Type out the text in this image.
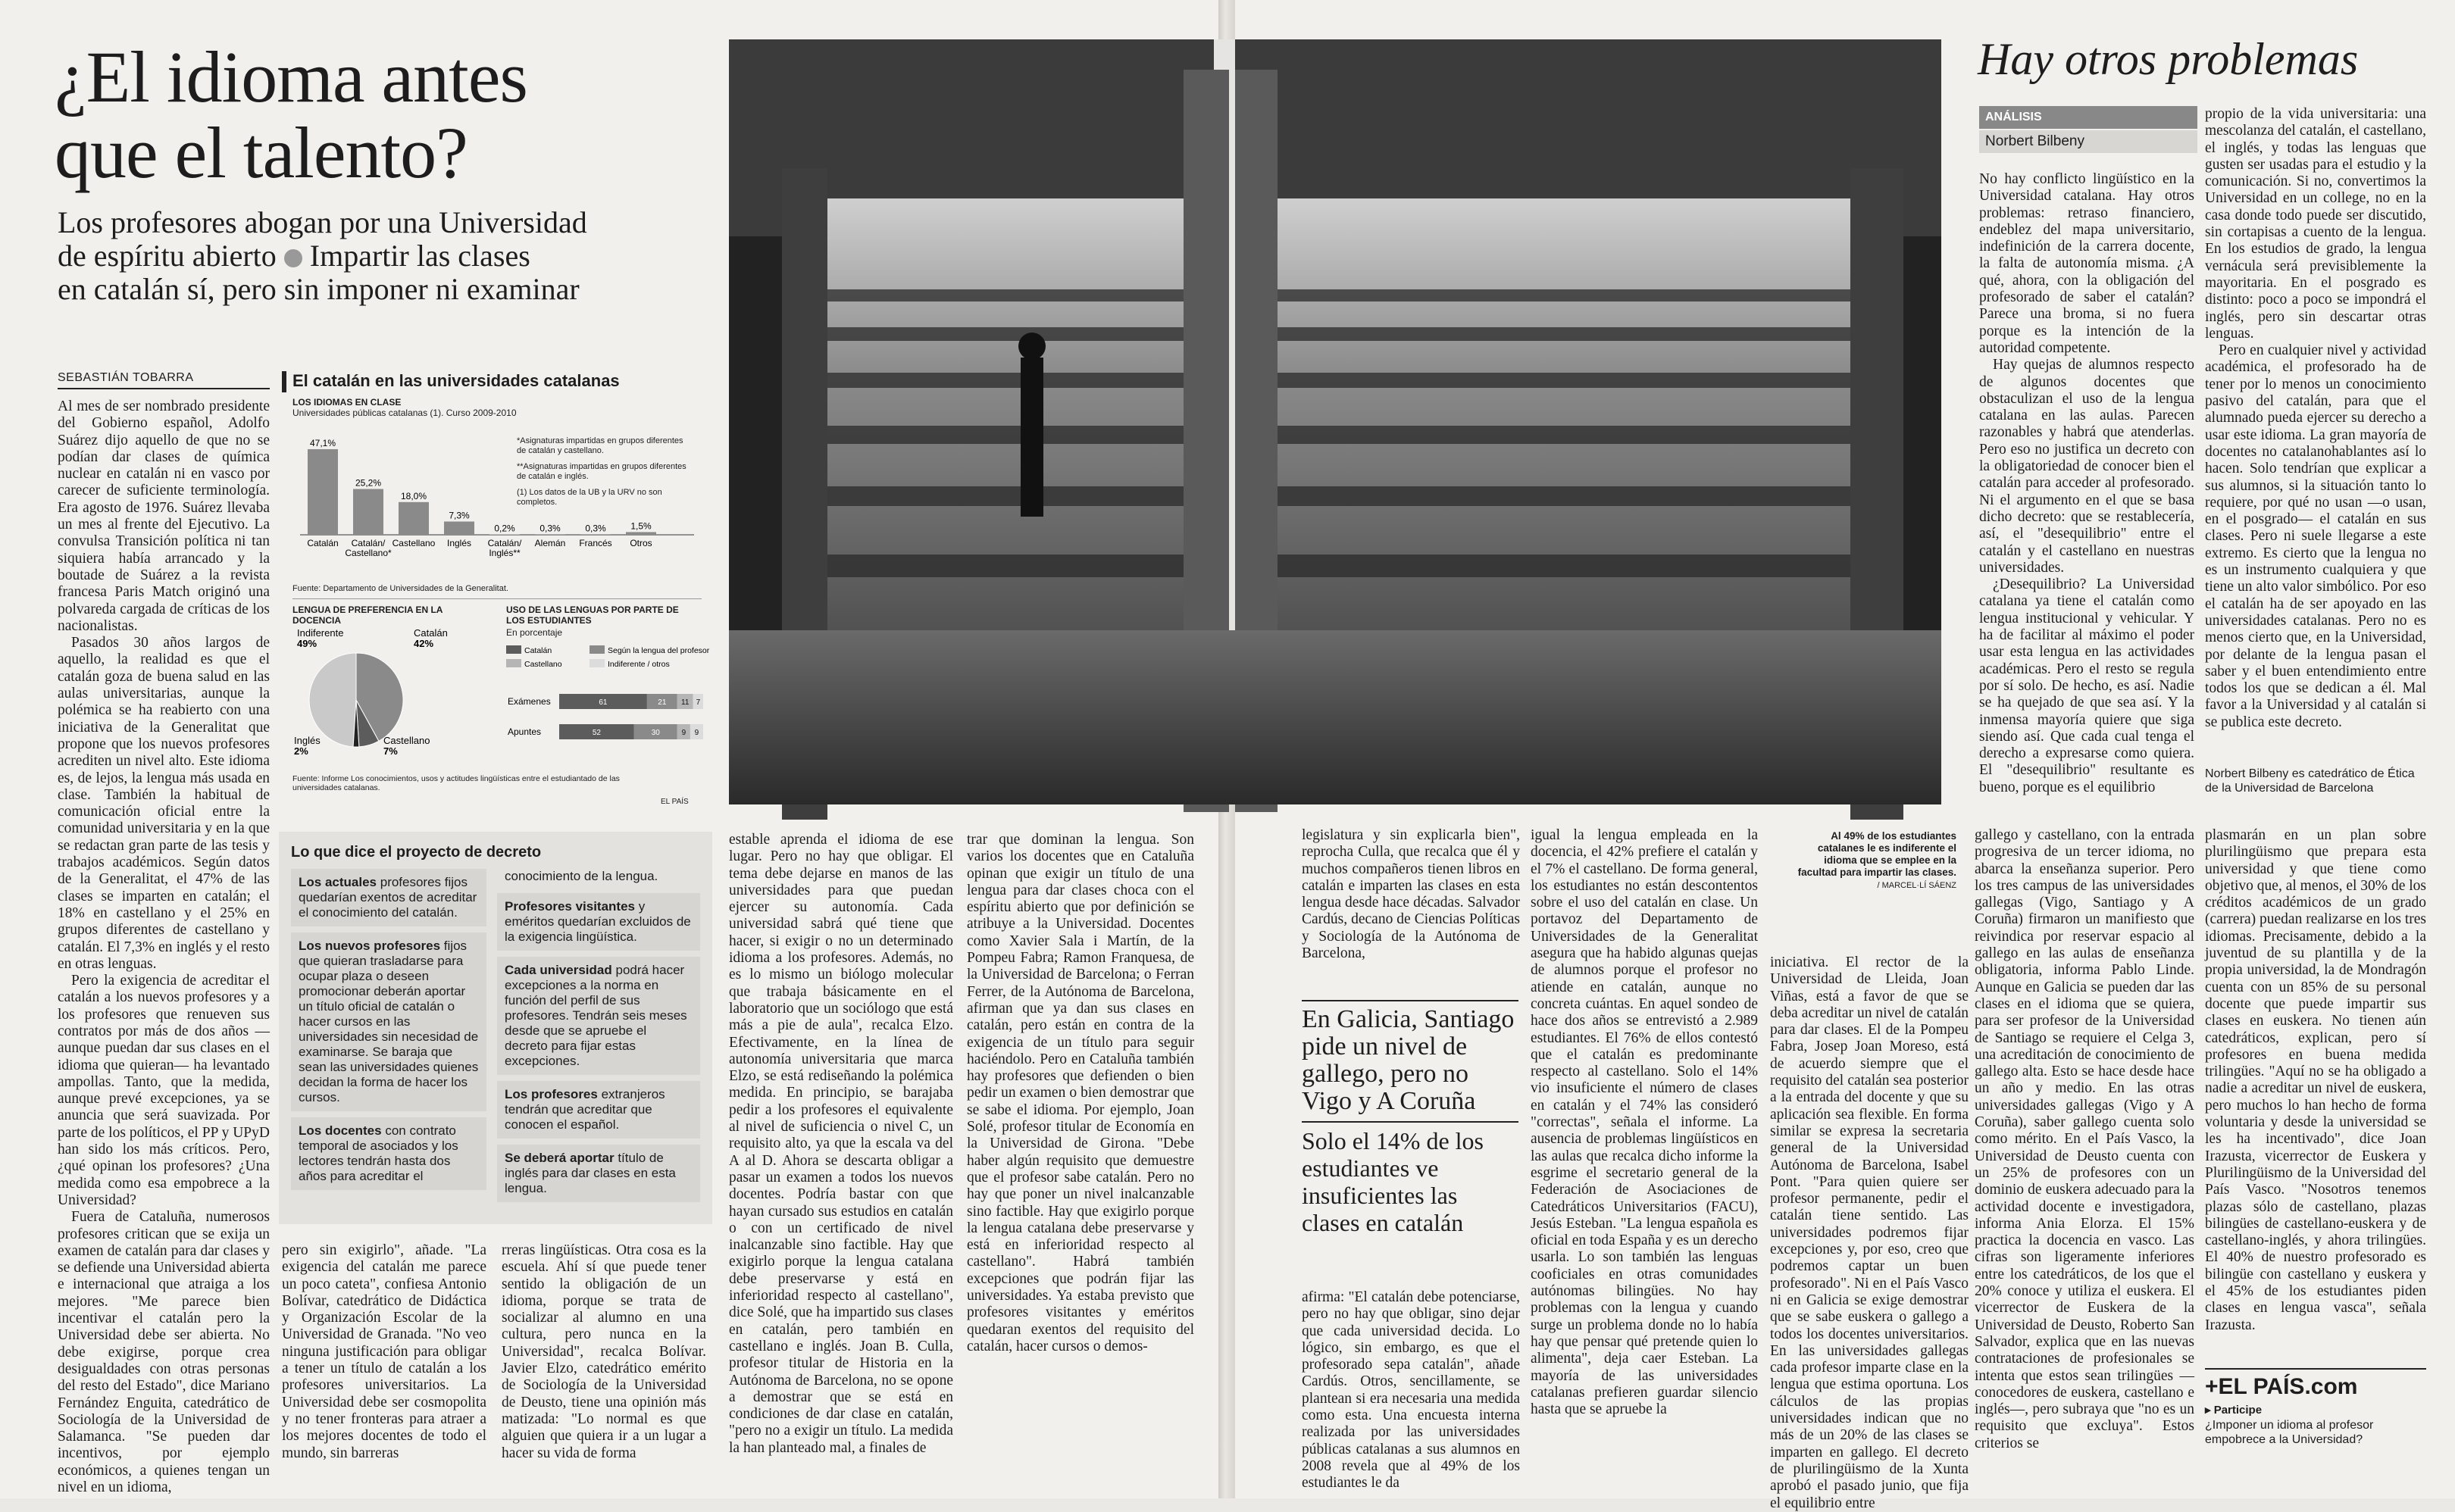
¿El idioma antes
que el talento?
Los profesores abogan por una Universidad
de espíritu abierto Impartir las clases
en catalán sí, pero sin imponer ni examinar
SEBASTIÁN TOBARRA

Al mes de ser nombrado presidente del Gobierno español, Adolfo Suárez dijo aquello de que no se podían dar clases de química nuclear en catalán ni en vasco por carecer de suficiente terminología. Era agosto de 1976. Suárez llevaba un mes al frente del Ejecutivo. La convulsa Transición política ni tan siquiera había arrancado y la boutade de Suárez a la revista francesa Paris Match originó una polvareda cargada de críticas de los nacionalistas.

Pasados 30 años largos de aquello, la realidad es que el catalán goza de buena salud en las aulas universitarias, aunque la polémica se ha reabierto con una iniciativa de la Generalitat que propone que los nuevos profesores acrediten un nivel alto. Este idioma es, de lejos, la lengua más usada en clase. También la habitual de comunicación oficial entre la comunidad universitaria y en la que se redactan gran parte de las tesis y trabajos académicos. Según datos de la Generalitat, el 47% de las clases se imparten en catalán; el 18% en castellano y el 25% en grupos diferentes de castellano y catalán. El 7,3% en inglés y el resto en otras lenguas.

Pero la exigencia de acreditar el catalán a los nuevos profesores y a los profesores que renueven sus contratos por más de dos años —aunque puedan dar sus clases en el idioma que quieran— ha levantado ampollas. Tanto, que la medida, aunque prevé excepciones, ya se anuncia que será suavizada. Por parte de los políticos, el PP y UPyD han sido los más críticos. Pero, ¿qué opinan los profesores? ¿Una medida como esa empobrece a la Universidad?

Fuera de Cataluña, numerosos profesores critican que se exija un examen de catalán para dar clases y se defiende una Universidad abierta e internacional que atraiga a los mejores. "Me parece bien incentivar el catalán pero la Universidad debe ser abierta. No debe exigirse, porque crea desigualdades con otras personas del resto del Estado", dice Mariano Fernández Enguita, catedrático de Sociología de la Universidad de Salamanca. "Se pueden dar incentivos, por ejemplo económicos, a quienes tengan un nivel en un idioma,

El catalán en las universidades catalanas
LOS IDIOMAS EN CLASE
Universidades públicas catalanas (1). Curso 2009-2010
47,1%
Catalán
25,2%
Catalán/
Castellano*
18,0%
Castellano
7,3%
Inglés
0,2%
Catalán/
Inglés**
0,3%
Alemán
0,3%
Francés
1,5%
Otros
*Asignaturas impartidas en grupos diferentes de catalán y castellano.
**Asignaturas impartidas en grupos diferentes de catalán e inglés.
(1) Los datos de la UB y la URV no son completos.
Fuente: Departamento de Universidades de la Generalitat.
LENGUA DE PREFERENCIA EN LA DOCENCIA
Indiferente
49%
Catalán
42%
Castellano
7%
Inglés
2%
USO DE LAS LENGUAS POR PARTE DE LOS ESTUDIANTES
En porcentaje
Catalán	Según la lengua del profesor
Castellano	Indiferente / otros
Exámenes	61	21 11 7
Apuntes	52	30	9 9
Fuente: Informe Los conocimientos, usos y actitudes lingüísticas entre el estudiantado de las universidades catalanas.
EL PAÍS
Lo que dice el proyecto de decreto
Los actuales profesores fijos quedarían exentos de acreditar el conocimiento del catalán.
Los nuevos profesores fijos que quieran trasladarse para ocupar plaza o deseen promocionar deberán aportar un título oficial de catalán o hacer cursos en las universidades sin necesidad de examinarse. Se baraja que sean las universidades quienes decidan la forma de hacer los cursos.
Los docentes con contrato temporal de asociados y los lectores tendrán hasta dos años para acreditar el
conocimiento de la lengua.
Profesores visitantes y eméritos quedarían excluidos de la exigencia lingüística.
Cada universidad podrá hacer excepciones a la norma en función del perfil de sus profesores. Tendrán seis meses desde que se apruebe el decreto para fijar estas excepciones.
Los profesores extranjeros tendrán que acreditar que conocen el español.
Se deberá aportar título de inglés para dar clases en esta lengua.

pero sin exigirlo", añade. "La exigencia del catalán me parece un poco cateta", confiesa Antonio Bolívar, catedrático de Didáctica y Organización Escolar de la Universidad de Granada. "No veo ninguna justificación para obligar a tener un título de catalán a los profesores universitarios. La Universidad debe ser cosmopolita y no tener fronteras para atraer a los mejores docentes de todo el mundo, sin barreras

rreras lingüísticas. Otra cosa es la escuela. Ahí sí que puede tener sentido la obligación de un idioma, porque se trata de socializar al alumno en una cultura, pero nunca en la Universidad", recalca Bolívar. Javier Elzo, catedrático emérito de Sociología de la Universidad de Deusto, tiene una opinión más matizada: "Lo normal es que alguien que quiera ir a un lugar a hacer su vida de forma

estable aprenda el idioma de ese lugar. Pero no hay que obligar. El tema debe dejarse en manos de las universidades para que puedan ejercer su autonomía. Cada universidad sabrá qué tiene que hacer, si exigir o no un determinado idioma a los profesores. Además, no es lo mismo un biólogo molecular que trabaja básicamente en el laboratorio que un sociólogo que está más a pie de aula", recalca Elzo. Efectivamente, en la línea de autonomía universitaria que marca Elzo, se está rediseñando la polémica medida. En principio, se barajaba pedir a los profesores el equivalente al nivel de suficiencia o nivel C, un requisito alto, ya que la escala va del A al D. Ahora se descarta obligar a pasar un examen a todos los nuevos docentes. Podría bastar con que hayan cursado sus estudios en catalán o con un certificado de nivel inalcanzable sino factible. Hay que exigirlo porque la lengua catalana debe preservarse y está en inferioridad respecto al castellano", dice Solé, que ha impartido sus clases en catalán, pero también en castellano e inglés. Joan B. Culla, profesor titular de Historia en la Autónoma de Barcelona, no se opone a demostrar que se está en condiciones de dar clase en catalán, "pero no a exigir un título. La medida la han planteado mal, a finales de

trar que dominan la lengua. Son varios los docentes que en Cataluña opinan que exigir un título de una lengua para dar clases choca con el espíritu abierto que por definición se atribuye a la Universidad. Docentes como Xavier Sala i Martín, de la Pompeu Fabra; Ramon Franquesa, de la Universidad de Barcelona; o Ferran Ferrer, de la Autónoma de Barcelona, afirman que ya dan sus clases en catalán, pero están en contra de la exigencia de un título para seguir haciéndolo. Pero en Cataluña también hay profesores que defienden o bien pedir un examen o bien demostrar que se sabe el idioma. Por ejemplo, Joan Solé, profesor titular de Economía en la Universidad de Girona. "Debe haber algún requisito que demuestre que el profesor sabe catalán. Pero no hay que poner un nivel inalcanzable sino factible. Hay que exigirlo porque la lengua catalana debe preservarse y está en inferioridad respecto al castellano". Habrá también excepciones que podrán fijar las universidades. Ya estaba previsto que profesores visitantes y eméritos quedaran exentos del requisito del catalán, hacer cursos o demos-

Hay otros problemas
ANÁLISIS
Norbert Bilbeny

No hay conflicto lingüístico en la Universidad catalana. Hay otros problemas: retraso financiero, endeblez del mapa universitario, indefinición de la carrera docente, la falta de autonomía misma. ¿A qué, ahora, con la obligación del profesorado de saber el catalán? Parece una broma, si no fuera porque es la intención de la autoridad competente.

Hay quejas de alumnos respecto de algunos docentes que obstaculizan el uso de la lengua catalana en las aulas. Parecen razonables y habrá que atenderlas. Pero eso no justifica un decreto con la obligatoriedad de conocer bien el catalán para acceder al profesorado. Ni el argumento en el que se basa dicho decreto: que se restablecería, así, el "desequilibrio" entre el catalán y el castellano en nuestras universidades.

¿Desequilibrio? La Universidad catalana ya tiene el catalán como lengua institucional y vehicular. Y ha de facilitar al máximo el poder usar esta lengua en las actividades académicas. Pero el resto se regula por sí solo. De hecho, es así. Nadie se ha quejado de que sea así. Y la inmensa mayoría quiere que siga siendo así. Que cada cual tenga el derecho a expresarse como quiera. El "desequilibrio" resultante es bueno, porque es el equilibrio

propio de la vida universitaria: una mescolanza del catalán, el castellano, el inglés, y todas las lenguas que gusten ser usadas para el estudio y la comunicación. Si no, convertimos la Universidad en un college, no en la casa donde todo puede ser discutido, sin cortapisas a cuento de la lengua. En los estudios de grado, la lengua vernácula será previsiblemente la mayoritaria. En el posgrado es distinto: poco a poco se impondrá el inglés, pero sin descartar otras lenguas.

Pero en cualquier nivel y actividad académica, el profesorado ha de tener por lo menos un conocimiento pasivo del catalán, para que el alumnado pueda ejercer su derecho a usar este idioma. La gran mayoría de docentes no catalanohablantes así lo hacen. Solo tendrían que explicar a sus alumnos, si la situación tanto lo requiere, por qué no usan —o usan, en el posgrado— el catalán en sus clases. Pero ni suele llegarse a este extremo. Es cierto que la lengua no es un instrumento cualquiera y que tiene un alto valor simbólico. Por eso el catalán ha de ser apoyado en las universidades catalanas. Pero no es menos cierto que, en la Universidad, por delante de la lengua pasan el saber y el buen entendimiento entre todos los que se dedican a él. Mal favor a la Universidad y al catalán si se publica este decreto.

Norbert Bilbeny es catedrático de Ética de la Universidad de Barcelona
Al 49% de los estudiantes catalanes le es indiferente el idioma que se emplee en la facultad para impartir las clases. / MARCEL·LÍ SÁENZ

legislatura y sin explicarla bien", reprocha Culla, que recalca que él y muchos compañeros tienen libros en catalán e imparten las clases en esta lengua desde hace décadas. Salvador Cardús, decano de Ciencias Políticas y Sociología de la Autónoma de Barcelona,

En Galicia, Santiago pide un nivel de gallego, pero no Vigo y A Coruña
Solo el 14% de los estudiantes ve insuficientes las clases en catalán

afirma: "El catalán debe potenciarse, pero no hay que obligar, sino dejar que cada universidad decida. Lo lógico, sin embargo, es que el profesorado sepa catalán", añade Cardús. Otros, sencillamente, se plantean si era necesaria una medida como esta. Una encuesta interna realizada por las universidades públicas catalanas a sus alumnos en 2008 revela que al 49% de los estudiantes le da

igual la lengua empleada en la docencia, el 42% prefiere el catalán y el 7% el castellano. De forma general, los estudiantes no están descontentos sobre el uso del catalán en clase. Un portavoz del Departamento de Universidades de la Generalitat asegura que ha habido algunas quejas de alumnos porque el profesor no atiende en catalán, aunque no concreta cuántas. En aquel sondeo de hace dos años se entrevistó a 2.989 estudiantes. El 76% de ellos contestó que el catalán es predominante respecto al castellano. Solo el 14% vio insuficiente el número de clases en catalán y el 74% las consideró "correctas", señala el informe. La ausencia de problemas lingüísticos en las aulas que recalca dicho informe la esgrime el secretario general de la Federación de Asociaciones de Catedráticos Universitarios (FACU), Jesús Esteban. "La lengua española es oficial en toda España y es un derecho usarla. Lo son también las lenguas cooficiales en otras comunidades autónomas bilingües. No hay problemas con la lengua y cuando surge un problema donde no lo había hay que pensar qué pretende quien lo alimenta", deja caer Esteban. La mayoría de las universidades catalanas prefieren guardar silencio hasta que se apruebe la

iniciativa. El rector de la Universidad de Lleida, Joan Viñas, está a favor de que se deba acreditar un nivel de catalán para dar clases. El de la Pompeu Fabra, Josep Joan Moreso, está de acuerdo siempre que el requisito del catalán sea posterior a la entrada del docente y que su aplicación sea flexible. En forma similar se expresa la secretaria general de la Universidad Autónoma de Barcelona, Isabel Pont. "Para quien quiere ser profesor permanente, pedir el catalán tiene sentido. Las universidades podremos fijar excepciones y, por eso, creo que podremos captar un buen profesorado". Ni en el País Vasco ni en Galicia se exige demostrar que se sabe euskera o gallego a todos los docentes universitarios. En las universidades gallegas cada profesor imparte clase en la lengua que estima oportuna. Los cálculos de las propias universidades indican que no más de un 20% de las clases se imparten en gallego. El decreto de plurilingüismo de la Xunta aprobó el pasado junio, que fija el equilibrio entre

gallego y castellano, con la entrada progresiva de un tercer idioma, no abarca la enseñanza superior. Pero los tres campus de las universidades gallegas (Vigo, Santiago y A Coruña) firmaron un manifiesto que reivindica por reservar espacio al gallego en las aulas de enseñanza obligatoria, informa Pablo Linde. Aunque en Galicia se pueden dar las clases en el idioma que se quiera, para ser profesor de la Universidad de Santiago se requiere el Celga 3, una acreditación de conocimiento de gallego alta. Esto se hace desde hace un año y medio. En las otras universidades gallegas (Vigo y A Coruña), saber gallego cuenta solo como mérito. En el País Vasco, la Universidad de Deusto cuenta con un 25% de profesores con un dominio de euskera adecuado para la actividad docente e investigadora, informa Ania Elorza. El 15% practica la docencia en vasco. Las cifras son ligeramente inferiores entre los catedráticos, de los que el 20% conoce y utiliza el euskera. El vicerrector de Euskera de la Universidad de Deusto, Roberto San Salvador, explica que en las nuevas contrataciones de profesionales se intenta que estos sean trilingües —conocedores de euskera, castellano e inglés—, pero subraya que "no es un requisito que excluya". Estos criterios se

plasmarán en un plan sobre plurilingüismo que prepara esta universidad y que tiene como objetivo que, al menos, el 30% de los créditos académicos de un grado (carrera) puedan realizarse en los tres idiomas. Precisamente, debido a la juventud de su plantilla y de la propia universidad, la de Mondragón cuenta con un 85% de su personal docente que puede impartir sus clases en euskera. No tienen aún catedráticos, explican, pero sí profesores en buena medida trilingües. "Aquí no se ha obligado a nadie a acreditar un nivel de euskera, pero muchos lo han hecho de forma voluntaria y desde la universidad se les ha incentivado", dice Joan Irazusta, vicerrector de Euskera y Plurilingüismo de la Universidad del País Vasco. "Nosotros tenemos plazas sólo de castellano, plazas bilingües de castellano-euskera y de castellano-inglés, y ahora trilingües. El 40% de nuestro profesorado es bilingüe con castellano y euskera y el 45% de los estudiantes piden clases en lengua vasca", señala Irazusta.

+EL PAÍS.com
▸ Participe
¿Imponer un idioma al profesor empobrece a la Universidad?
